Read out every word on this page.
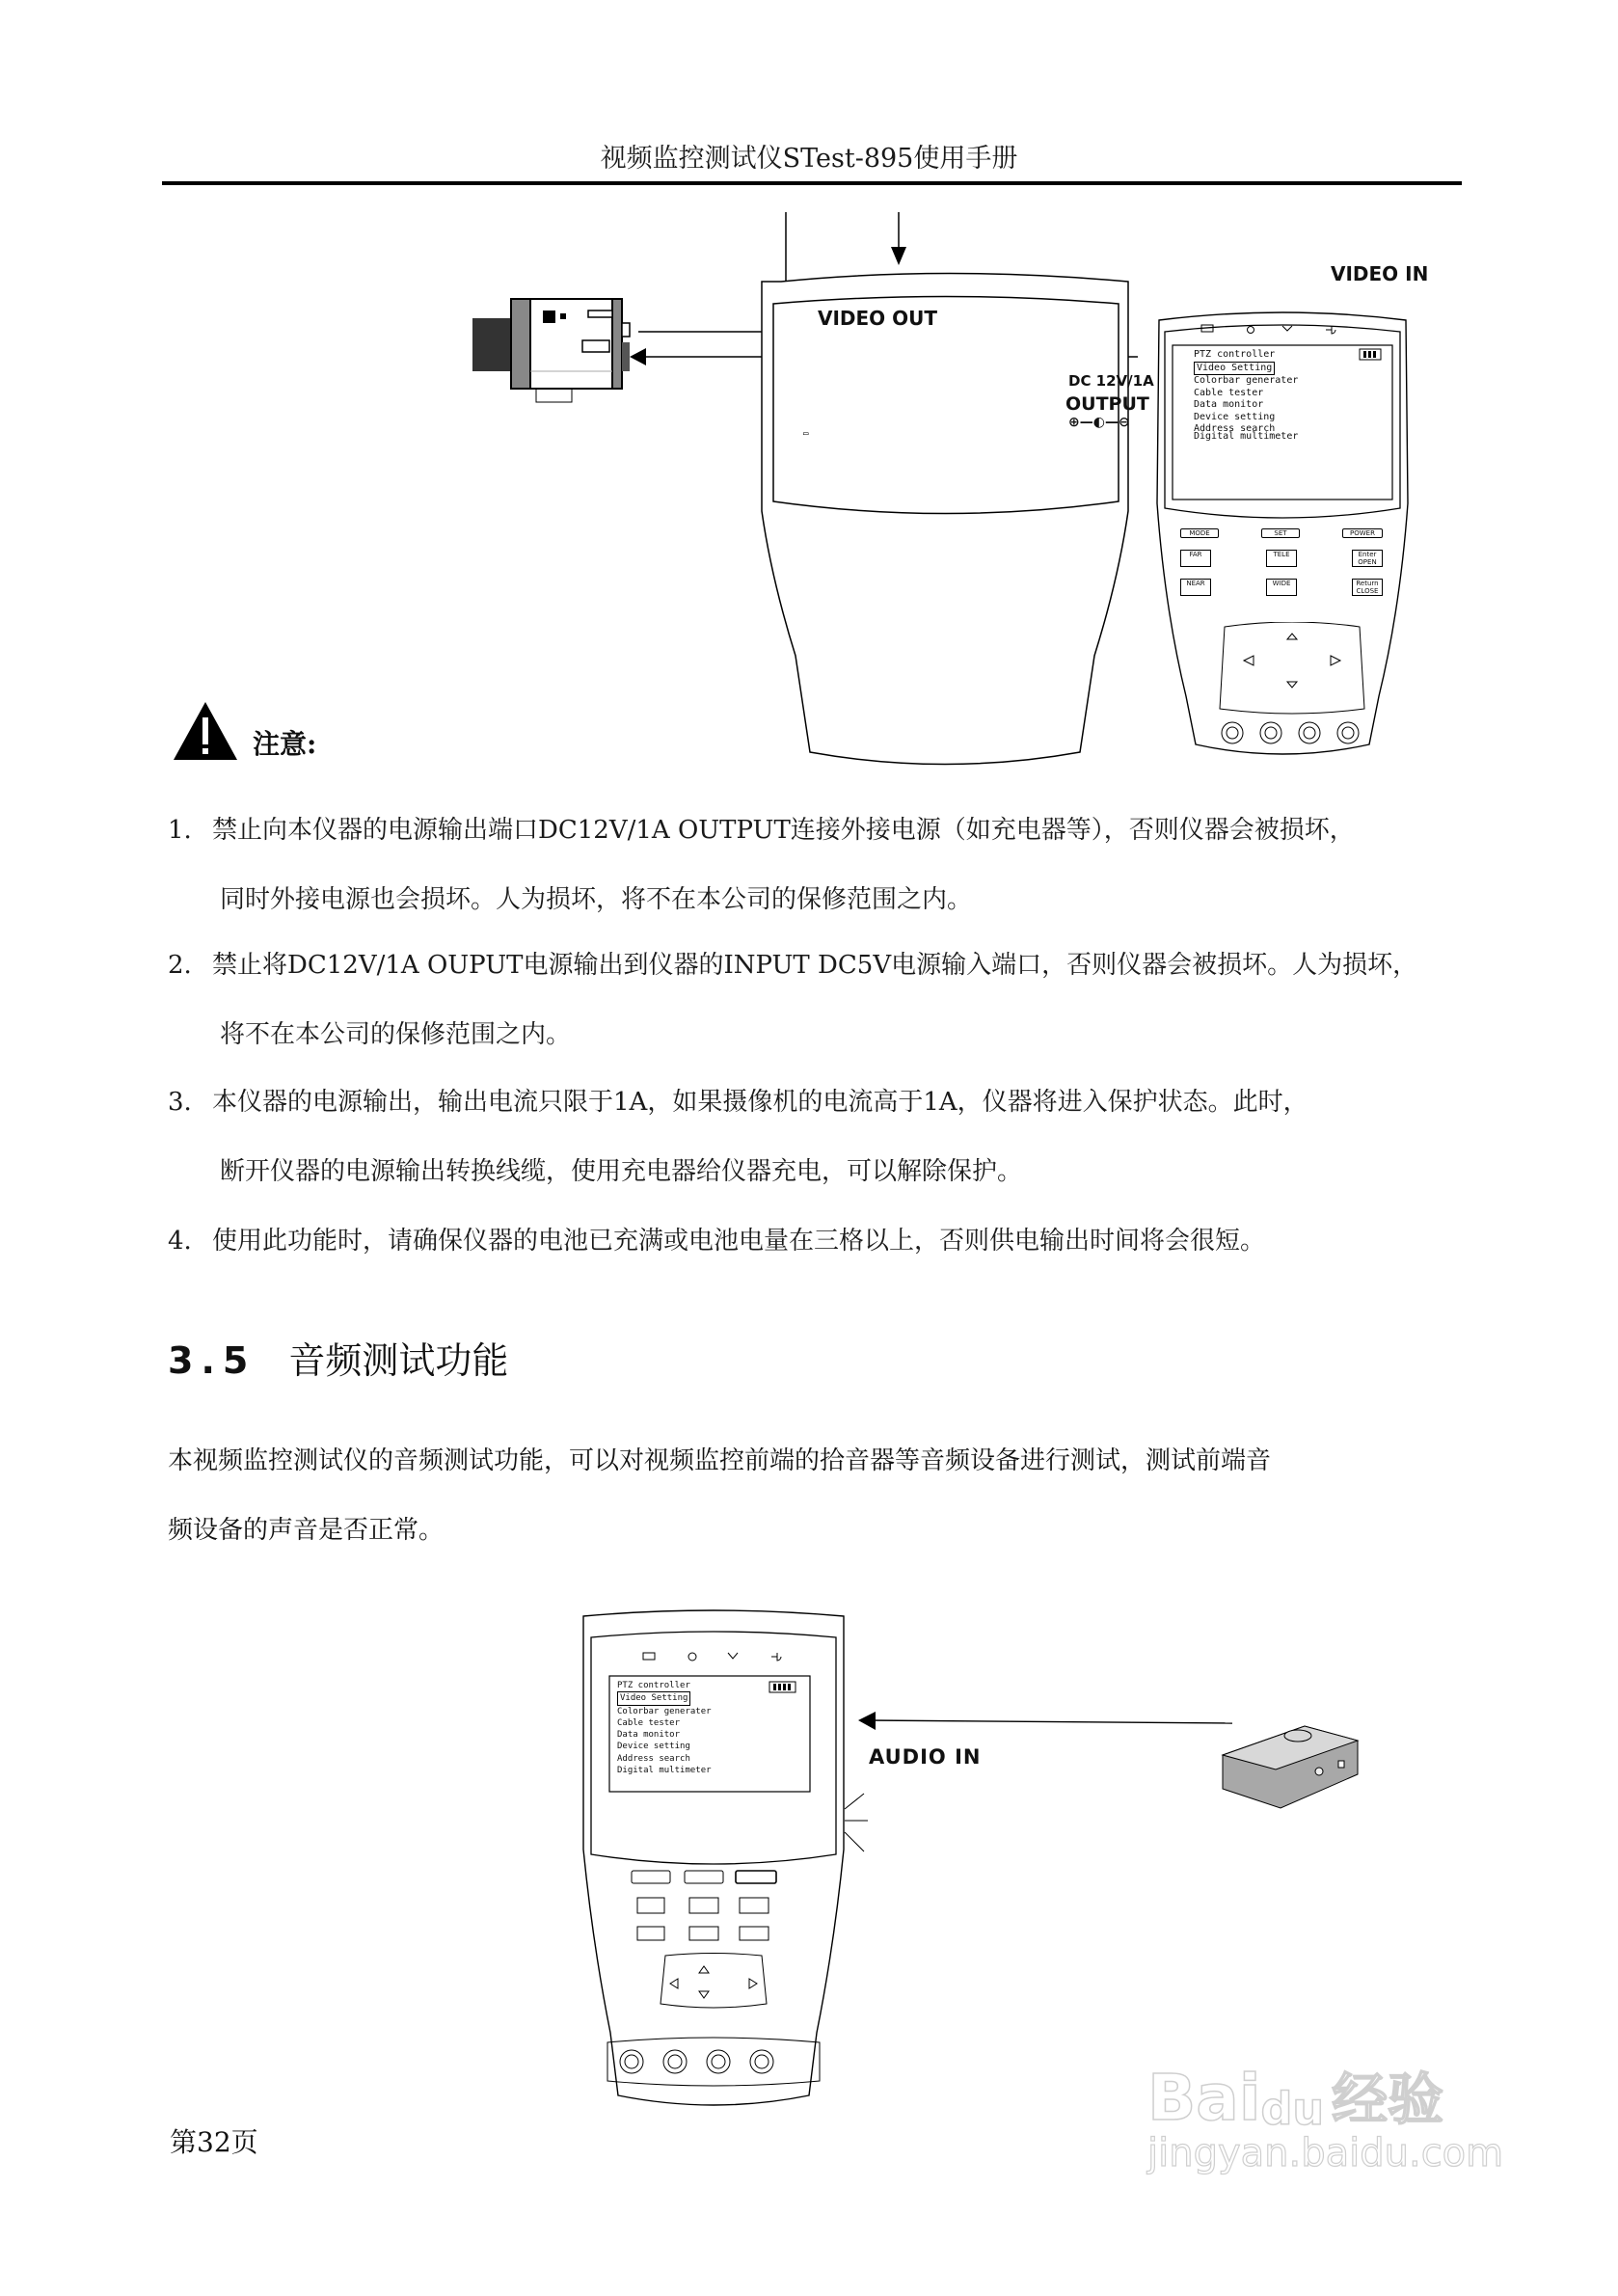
视频监控测试仪STest-895使用手册
▭
PTZ controller
Video Setting
Colorbar generater
Cable tester
Data monitor
Device setting
Address search
Digital multimeter
MODE	SET	POWER
FAR	TELE	Enter OPEN
NEAR	WIDE	Return CLOSE
VIDEO OUT
VIDEO IN
DC 12V/1A
OUTPUT
⊕—◐—⊖
注意:
1. 禁止向本仪器的电源输出端口DC12V/1A OUTPUT连接外接电源（如充电器等），否则仪器会被损坏，
同时外接电源也会损坏。人为损坏，将不在本公司的保修范围之内。
2. 禁止将DC12V/1A OUPUT电源输出到仪器的INPUT DC5V电源输入端口，否则仪器会被损坏。人为损坏，
将不在本公司的保修范围之内。
3. 本仪器的电源输出，输出电流只限于1A，如果摄像机的电流高于1A，仪器将进入保护状态。此时，
断开仪器的电源输出转换线缆，使用充电器给仪器充电，可以解除保护。
4. 使用此功能时，请确保仪器的电池已充满或电池电量在三格以上，否则供电输出时间将会很短。
3.5 音频测试功能
本视频监控测试仪的音频测试功能，可以对视频监控前端的拾音器等音频设备进行测试，测试前端音
频设备的声音是否正常。
PTZ controller
Video Setting
Colorbar generater
Cable tester
Data monitor
Device setting
Address search
Digital multimeter
AUDIO IN
第32页
Bai du 经验
jingyan.baidu.com
